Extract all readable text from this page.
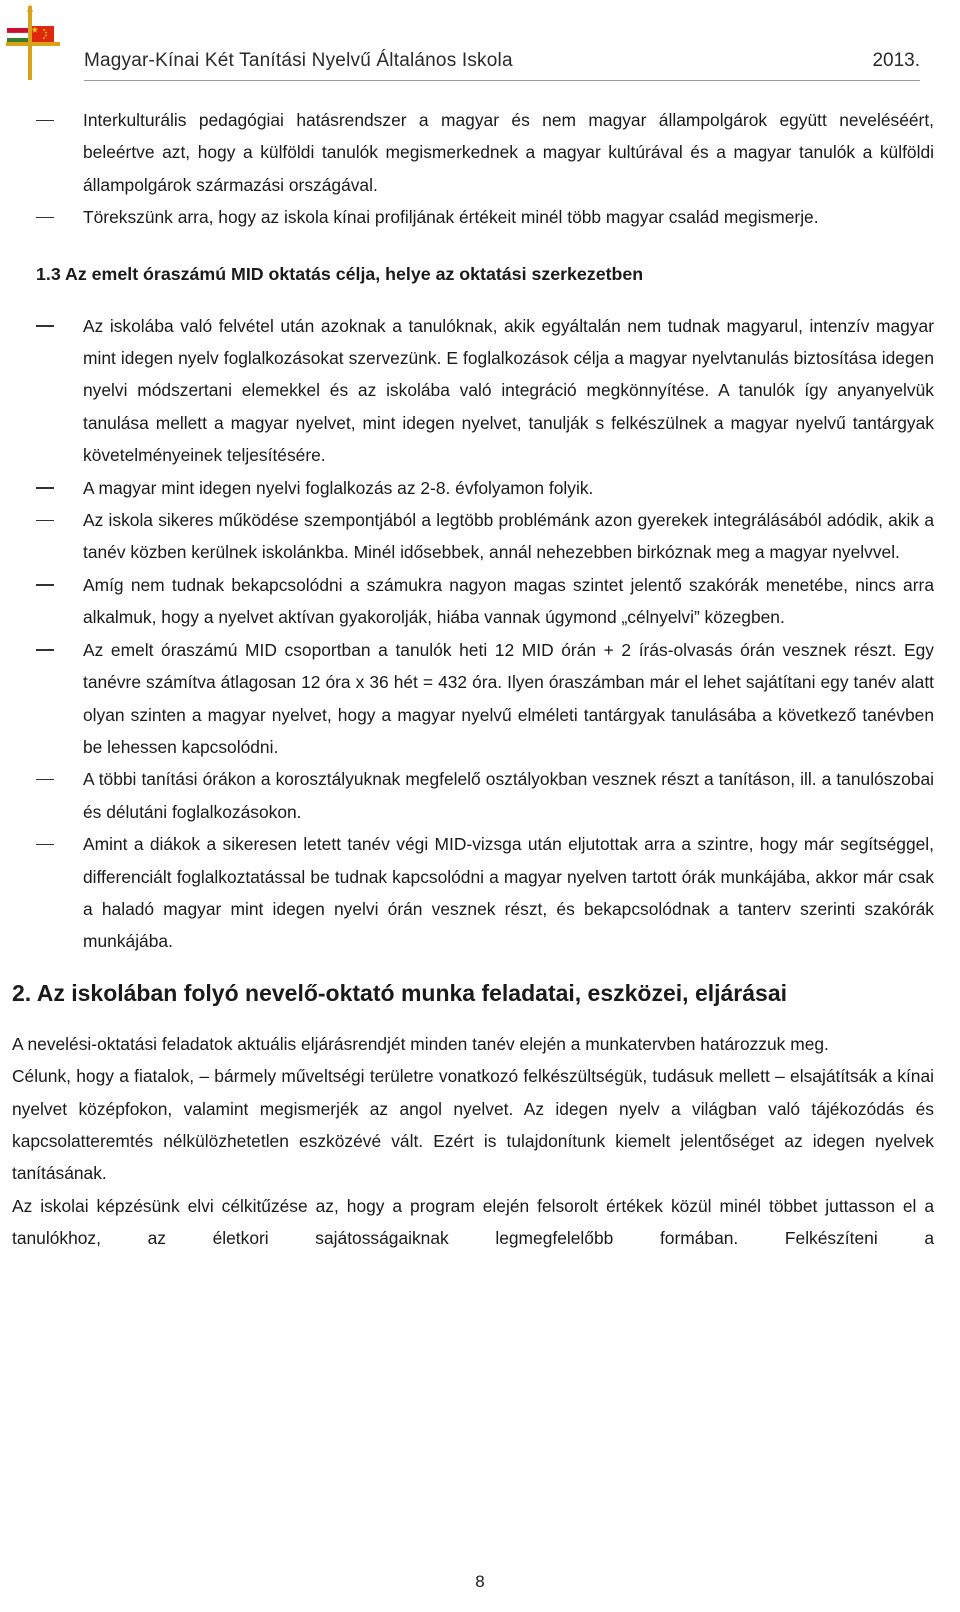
Magyar-Kínai Két Tanítási Nyelvű Általános Iskola	2013.
Interkulturális pedagógiai hatásrendszer a magyar és nem magyar állampolgárok együtt neveléséért, beleértve azt, hogy a külföldi tanulók megismerkednek a magyar kultúrával és a magyar tanulók a külföldi állampolgárok származási országával.
Törekszünk arra, hogy az iskola kínai profiljának értékeit minél több magyar család megismerje.
1.3 Az emelt óraszámú MID oktatás célja, helye az oktatási szerkezetben
Az iskolába való felvétel után azoknak a tanulóknak, akik egyáltalán nem tudnak magyarul, intenzív magyar mint idegen nyelv foglalkozásokat szervezünk. E foglalkozások célja a magyar nyelvtanulás biztosítása idegen nyelvi módszertani elemekkel és az iskolába való integráció megkönnyítése. A tanulók így anyanyelvük tanulása mellett a magyar nyelvet, mint idegen nyelvet, tanulják s felkészülnek a magyar nyelvű tantárgyak követelményeinek teljesítésére.
A magyar mint idegen nyelvi foglalkozás az 2-8. évfolyamon folyik.
Az iskola sikeres működése szempontjából a legtöbb problémánk azon gyerekek integrálásából adódik, akik a tanév közben kerülnek iskolánkba. Minél idősebbek, annál nehezebben birkóznak meg a magyar nyelvvel.
Amíg nem tudnak bekapcsolódni a számukra nagyon magas szintet jelentő szakórák menetébe, nincs arra alkalmuk, hogy a nyelvet aktívan gyakorolják, hiába vannak úgymond „célnyelvi” közegben.
Az emelt óraszámú MID csoportban a tanulók heti 12 MID órán + 2 írás-olvasás órán vesznek részt. Egy tanévre számítva átlagosan 12 óra x 36 hét = 432 óra. Ilyen óraszámban már el lehet sajátítani egy tanév alatt olyan szinten a magyar nyelvet, hogy a magyar nyelvű elméleti tantárgyak tanulásába a következő tanévben be lehessen kapcsolódni.
A többi tanítási órákon a korosztályuknak megfelelő osztályokban vesznek részt a tanításon, ill. a tanulószobai és délutáni foglalkozásokon.
Amint a diákok a sikeresen letett tanév végi MID-vizsga után eljutottak arra a szintre, hogy már segítséggel, differenciált foglalkoztatással be tudnak kapcsolódni a magyar nyelven tartott órák munkájába, akkor már csak a haladó magyar mint idegen nyelvi órán vesznek részt, és bekapcsolódnak a tanterv szerinti szakórák munkájába.
2. Az iskolában folyó nevelő-oktató munka feladatai, eszközei, eljárásai

A nevelési-oktatási feladatok aktuális eljárásrendjét minden tanév elején a munkatervben határozzuk meg.

Célunk, hogy a fiatalok, – bármely műveltségi területre vonatkozó felkészültségük, tudásuk mellett – elsajátítsák a kínai nyelvet középfokon, valamint megismerjék az angol nyelvet. Az idegen nyelv a világban való tájékozódás és kapcsolatteremtés nélkülözhetetlen eszközévé vált. Ezért is tulajdonítunk kiemelt jelentőséget az idegen nyelvek tanításának.

Az iskolai képzésünk elvi célkitűzése az, hogy a program elején felsorolt értékek közül minél többet juttasson el a tanulókhoz, az életkori sajátosságaiknak legmegfelelőbb formában. Felkészíteni a

8
